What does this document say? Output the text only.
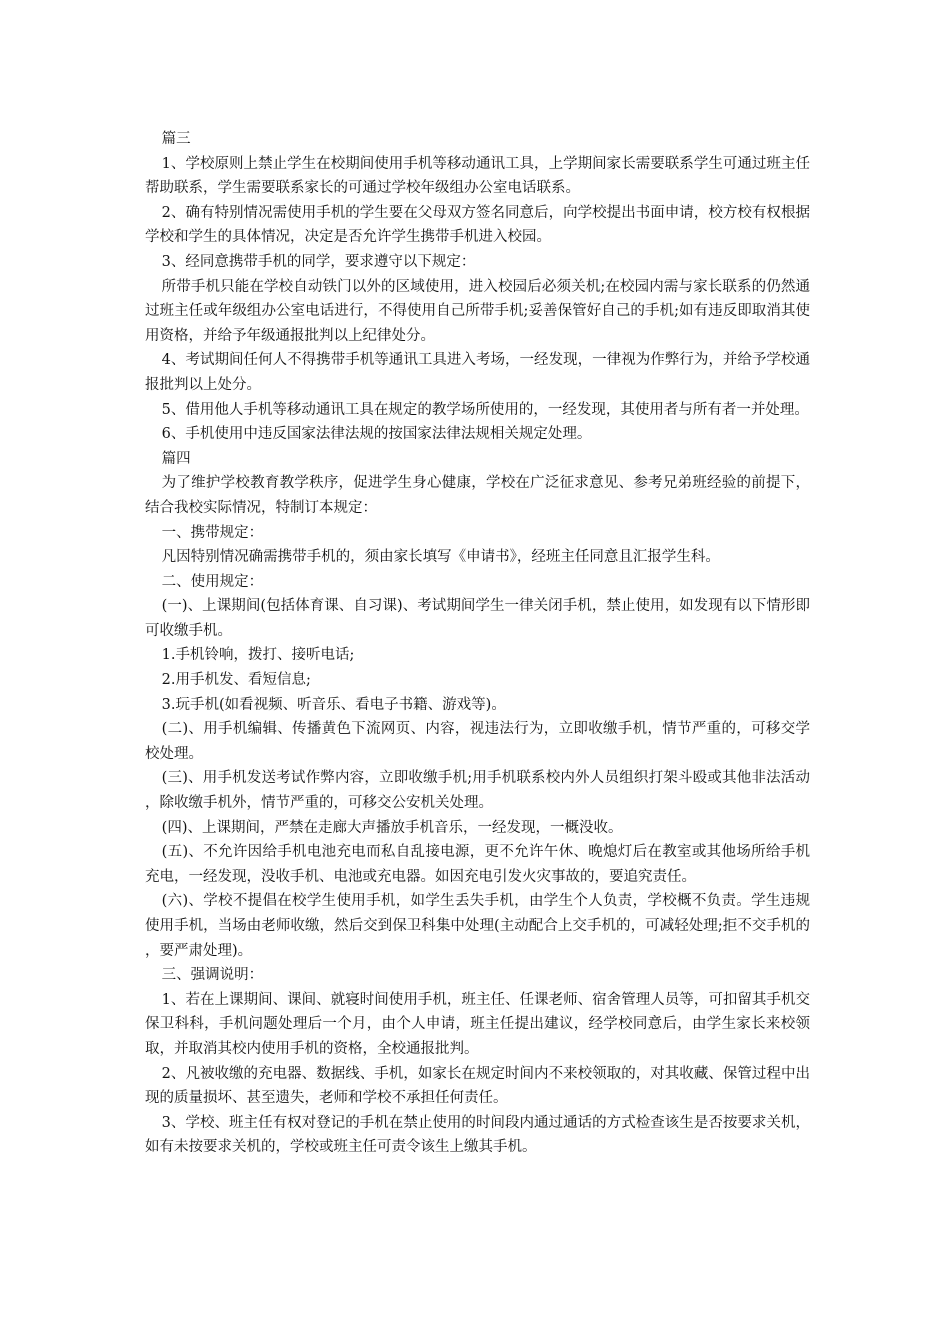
篇三

1、学校原则上禁止学生在校期间使用手机等移动通讯工具，上学期间家长需要联系学生可通过班主任帮助联系，学生需要联系家长的可通过学校年级组办公室电话联系。

2、确有特别情况需使用手机的学生要在父母双方签名同意后，向学校提出书面申请，校方校有权根据学校和学生的具体情况，决定是否允许学生携带手机进入校园。

3、经同意携带手机的同学，要求遵守以下规定：

所带手机只能在学校自动铁门以外的区域使用，进入校园后必须关机;在校园内需与家长联系的仍然通过班主任或年级组办公室电话进行，不得使用自己所带手机;妥善保管好自己的手机;如有违反即取消其使用资格，并给予年级通报批判以上纪律处分。

4、考试期间任何人不得携带手机等通讯工具进入考场，一经发现，一律视为作弊行为，并给予学校通报批判以上处分。

5、借用他人手机等移动通讯工具在规定的教学场所使用的，一经发现，其使用者与所有者一并处理。

6、手机使用中违反国家法律法规的按国家法律法规相关规定处理。

篇四

为了维护学校教育教学秩序，促进学生身心健康，学校在广泛征求意见、参考兄弟班经验的前提下，结合我校实际情况，特制订本规定：

一、携带规定：

凡因特别情况确需携带手机的，须由家长填写《申请书》，经班主任同意且汇报学生科。

二、使用规定：

(一)、上课期间(包括体育课、自习课)、考试期间学生一律关闭手机，禁止使用，如发现有以下情形即可收缴手机。

1.手机铃响，拨打、接听电话;

2.用手机发、看短信息;

3.玩手机(如看视频、听音乐、看电子书籍、游戏等)。

(二)、用手机编辑、传播黄色下流网页、内容，视违法行为，立即收缴手机，情节严重的，可移交学校处理。

(三)、用手机发送考试作弊内容，立即收缴手机;用手机联系校内外人员组织打架斗殴或其他非法活动，除收缴手机外，情节严重的，可移交公安机关处理。

(四)、上课期间，严禁在走廊大声播放手机音乐，一经发现，一概没收。

(五)、不允许因给手机电池充电而私自乱接电源，更不允许午休、晚熄灯后在教室或其他场所给手机充电，一经发现，没收手机、电池或充电器。如因充电引发火灾事故的，要追究责任。

(六)、学校不提倡在校学生使用手机，如学生丢失手机，由学生个人负责，学校概不负责。学生违规使用手机，当场由老师收缴，然后交到保卫科集中处理(主动配合上交手机的，可减轻处理;拒不交手机的，要严肃处理)。

三、强调说明：

1、若在上课期间、课间、就寝时间使用手机，班主任、任课老师、宿舍管理人员等，可扣留其手机交保卫科科，手机问题处理后一个月，由个人申请，班主任提出建议，经学校同意后，由学生家长来校领取，并取消其校内使用手机的资格，全校通报批判。

2、凡被收缴的充电器、数据线、手机，如家长在规定时间内不来校领取的，对其收藏、保管过程中出现的质量损坏、甚至遗失，老师和学校不承担任何责任。

3、学校、班主任有权对登记的手机在禁止使用的时间段内通过通话的方式检查该生是否按要求关机，如有未按要求关机的，学校或班主任可责令该生上缴其手机。
